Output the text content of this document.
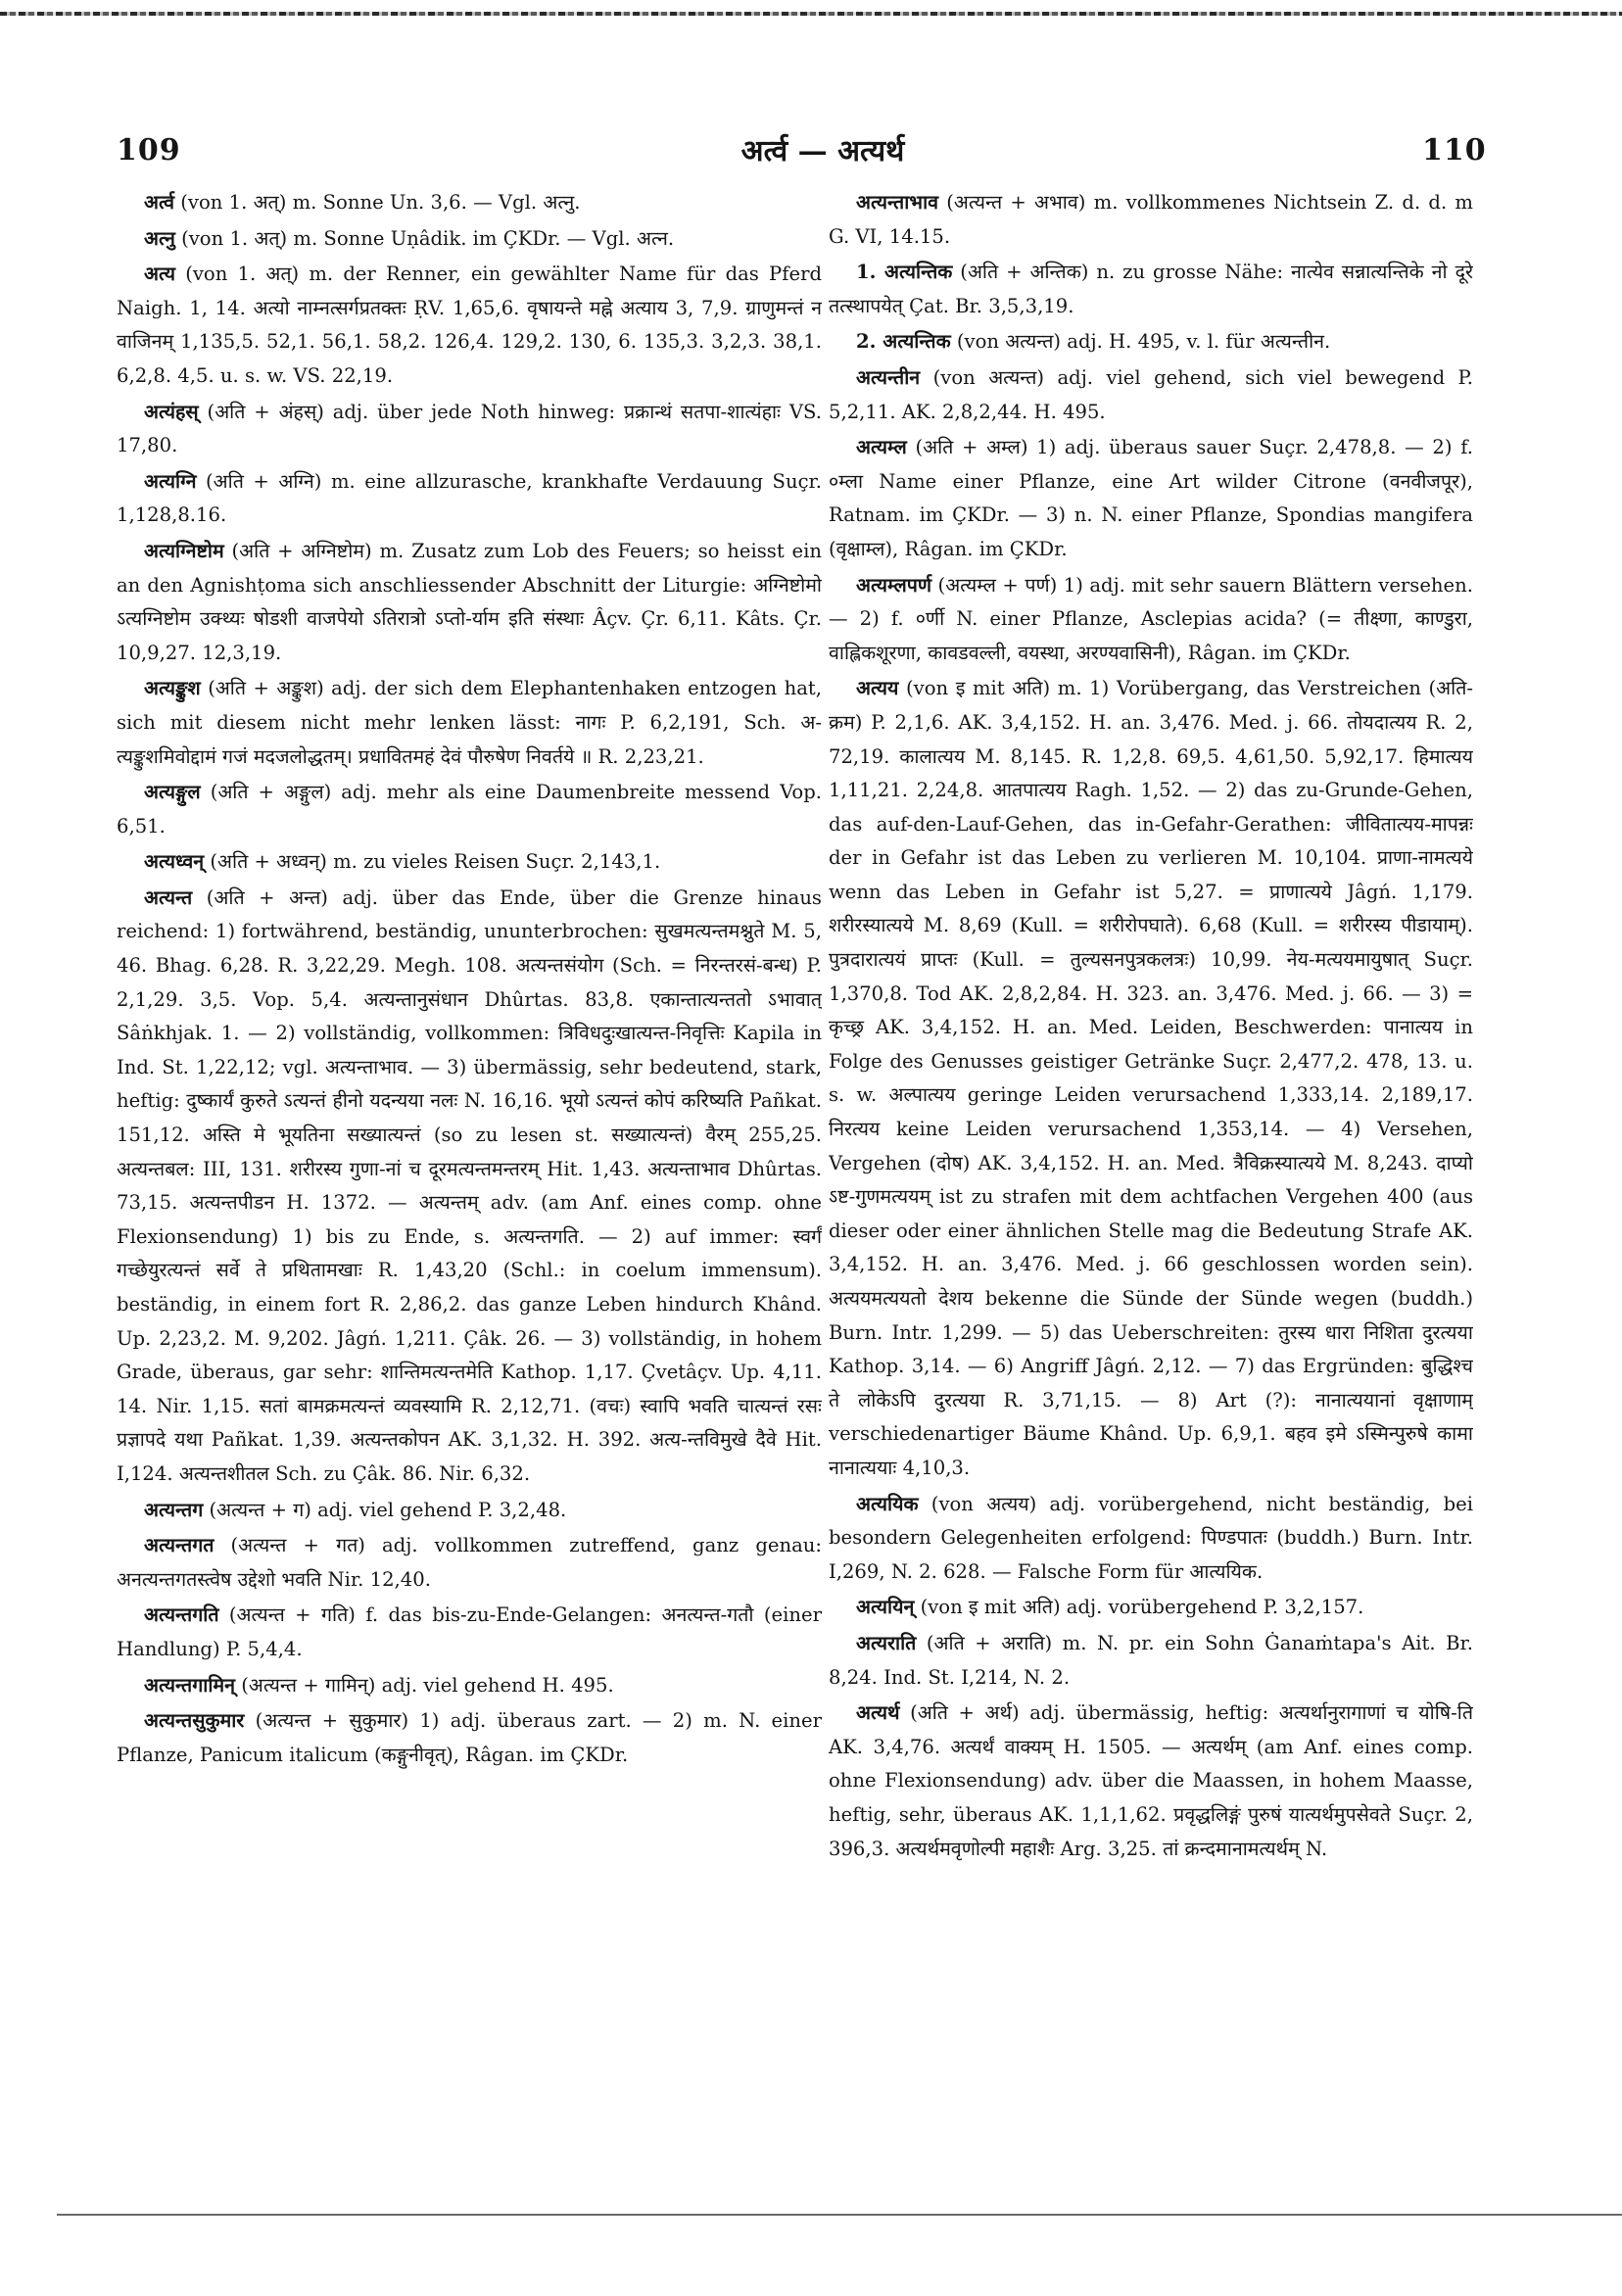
109	अर्त्व — अत्यर्थ	110

अर्त्व (von 1. अत्) m. Sonne Un. 3,6. — Vgl. अत्नु.

अत्नु (von 1. अत्) m. Sonne Uṇâdik. im ÇKDr. — Vgl. अत्न.

अत्य (von 1. अत्) m. der Renner, ein gewählter Name für das Pferd Naigh. 1, 14. अत्यो नाम्नत्सर्गप्रतक्तः ṚV. 1,65,6. वृषायन्ते मह्ने अत्याय 3, 7,9. ग्राणुमन्तं न वाजिनम् 1,135,5. 52,1. 56,1. 58,2. 126,4. 129,2. 130, 6. 135,3. 3,2,3. 38,1. 6,2,8. 4,5. u. s. w. VS. 22,19.

अत्यंहस् (अति + अंहस्) adj. über jede Noth hinweg: प्रक्रान्थं सतपा-शात्यंहाः VS. 17,80.

अत्यग्नि (अति + अग्नि) m. eine allzurasche, krankhafte Verdauung Suçr. 1,128,8.16.

अत्यग्निष्टोम (अति + अग्निष्टोम) m. Zusatz zum Lob des Feuers; so heisst ein an den Agnishṭoma sich anschliessender Abschnitt der Liturgie: अग्निष्टोमो ऽत्यग्निष्टोम उक्थ्यः षोडशी वाजपेयो ऽतिरात्रो ऽप्तो-र्याम इति संस्थाः Âçv. Çr. 6,11. Kâts. Çr. 10,9,27. 12,3,19.

अत्यङ्कुश (अति + अङ्कुश) adj. der sich dem Elephantenhaken entzogen hat, sich mit diesem nicht mehr lenken lässt: नागः P. 6,2,191, Sch. अ-त्यङ्कुशमिवोद्दामं गजं मदजलोद्धतम्। प्रधावितमहं देवं पौरुषेण निवर्तये ॥ R. 2,23,21.

अत्यङ्गुल (अति + अङ्गुल) adj. mehr als eine Daumenbreite messend Vop. 6,51.

अत्यध्वन् (अति + अध्वन्) m. zu vieles Reisen Suçr. 2,143,1.

अत्यन्त (अति + अन्त) adj. über das Ende, über die Grenze hinaus reichend: 1) fortwährend, beständig, ununterbrochen: सुखमत्यन्तमश्नुते M. 5, 46. Bhag. 6,28. R. 3,22,29. Megh. 108. अत्यन्तसंयोग (Sch. = निरन्तरसं-बन्ध) P. 2,1,29. 3,5. Vop. 5,4. अत्यन्तानुसंधान Dhûrtas. 83,8. एकान्तात्यन्ततो ऽभावात् Sâṅkhjak. 1. — 2) vollständig, vollkommen: त्रिविधदुःखात्यन्त-निवृत्तिः Kapila in Ind. St. 1,22,12; vgl. अत्यन्ताभाव. — 3) übermässig, sehr bedeutend, stark, heftig: दुष्कार्यं कुरुते ऽत्यन्तं हीनो यदन्यया नलः N. 16,16. भूयो ऽत्यन्तं कोपं करिष्यति Pañkat. 151,12. अस्ति मे भूयतिना सख्यात्यन्तं (so zu lesen st. सख्यात्यन्तं) वैरम् 255,25. अत्यन्तबल: III, 131. शरीरस्य गुणा-नां च दूरमत्यन्तमन्तरम् Hit. 1,43. अत्यन्ताभाव Dhûrtas. 73,15. अत्यन्तपीडन H. 1372. — अत्यन्तम् adv. (am Anf. eines comp. ohne Flexionsendung) 1) bis zu Ende, s. अत्यन्तगति. — 2) auf immer: स्वर्गं गच्छेयुरत्यन्तं सर्वे ते प्रथितामखाः R. 1,43,20 (Schl.: in coelum immensum). beständig, in einem fort R. 2,86,2. das ganze Leben hindurch Khând. Up. 2,23,2. M. 9,202. Jâgń. 1,211. Çâk. 26. — 3) vollständig, in hohem Grade, überaus, gar sehr: शान्तिमत्यन्तमेति Kathop. 1,17. Çvetâçv. Up. 4,11. 14. Nir. 1,15. सतां बामक्रमत्यन्तं व्यवस्यामि R. 2,12,71. (वचः) स्वापि भवति चात्यन्तं रसः प्रज्ञापदे यथा Pañkat. 1,39. अत्यन्तकोपन AK. 3,1,32. H. 392. अत्य-न्तविमुखे दैवे Hit. I,124. अत्यन्तशीतल Sch. zu Çâk. 86. Nir. 6,32.

अत्यन्तग (अत्यन्त + ग) adj. viel gehend P. 3,2,48.

अत्यन्तगत (अत्यन्त + गत) adj. vollkommen zutreffend, ganz genau: अनत्यन्तगतस्त्वेष उद्देशो भवति Nir. 12,40.

अत्यन्तगति (अत्यन्त + गति) f. das bis-zu-Ende-Gelangen: अनत्यन्त-गतौ (einer Handlung) P. 5,4,4.

अत्यन्तगामिन् (अत्यन्त + गामिन्) adj. viel gehend H. 495.

अत्यन्तसुकुमार (अत्यन्त + सुकुमार) 1) adj. überaus zart. — 2) m. N. einer Pflanze, Panicum italicum (कङ्गुनीवृत्), Râgan. im ÇKDr.

अत्यन्ताभाव (अत्यन्त + अभाव) m. vollkommenes Nichtsein Z. d. d. m G. VI, 14.15.

1. अत्यन्तिक (अति + अन्तिक) n. zu grosse Nähe: नात्येव सन्नात्यन्तिके नो दूरे तत्स्थापयेत् Çat. Br. 3,5,3,19.

2. अत्यन्तिक (von अत्यन्त) adj. H. 495, v. l. für अत्यन्तीन.

अत्यन्तीन (von अत्यन्त) adj. viel gehend, sich viel bewegend P. 5,2,11. AK. 2,8,2,44. H. 495.

अत्यम्ल (अति + अम्ल) 1) adj. überaus sauer Suçr. 2,478,8. — 2) f. ०म्ला Name einer Pflanze, eine Art wilder Citrone (वनवीजपूर), Ratnam. im ÇKDr. — 3) n. N. einer Pflanze, Spondias mangifera (वृक्षाम्ल), Râgan. im ÇKDr.

अत्यम्लपर्ण (अत्यम्ल + पर्ण) 1) adj. mit sehr sauern Blättern versehen. — 2) f. ०र्णी N. einer Pflanze, Asclepias acida? (= तीक्ष्णा, काण्डुरा, वाह्लिकशूरणा, कावडवल्ली, वयस्था, अरण्यवासिनी), Râgan. im ÇKDr.

अत्यय (von इ mit अति) m. 1) Vorübergang, das Verstreichen (अति-क्रम) P. 2,1,6. AK. 3,4,152. H. an. 3,476. Med. j. 66. तोयदात्यय R. 2, 72,19. कालात्यय M. 8,145. R. 1,2,8. 69,5. 4,61,50. 5,92,17. हिमात्यय 1,11,21. 2,24,8. आतपात्यय Ragh. 1,52. — 2) das zu-Grunde-Gehen, das auf-den-Lauf-Gehen, das in-Gefahr-Gerathen: जीवितात्यय-मापन्नः der in Gefahr ist das Leben zu verlieren M. 10,104. प्राणा-नामत्यये wenn das Leben in Gefahr ist 5,27. = प्राणात्यये Jâgń. 1,179. शरीरस्यात्यये M. 8,69 (Kull. = शरीरोपघाते). 6,68 (Kull. = शरीरस्य पीडायाम्). पुत्रदारात्ययं प्राप्तः (Kull. = तुल्यसनपुत्रकलत्रः) 10,99. नेय-मत्ययमायुषात् Suçr. 1,370,8. Tod AK. 2,8,2,84. H. 323. an. 3,476. Med. j. 66. — 3) = कृच्छ्र AK. 3,4,152. H. an. Med. Leiden, Beschwerden: पानात्यय in Folge des Genusses geistiger Getränke Suçr. 2,477,2. 478, 13. u. s. w. अल्पात्यय geringe Leiden verursachend 1,333,14. 2,189,17. निरत्यय keine Leiden verursachend 1,353,14. — 4) Versehen, Vergehen (दोष) AK. 3,4,152. H. an. Med. त्रैविक्रस्यात्यये M. 8,243. दाप्यो ऽष्ट-गुणमत्ययम् ist zu strafen mit dem achtfachen Vergehen 400 (aus dieser oder einer ähnlichen Stelle mag die Bedeutung Strafe AK. 3,4,152. H. an. 3,476. Med. j. 66 geschlossen worden sein). अत्ययमत्ययतो देशय bekenne die Sünde der Sünde wegen (buddh.) Burn. Intr. 1,299. — 5) das Ueberschreiten: तुरस्य धारा निशिता दुरत्यया Kathop. 3,14. — 6) Angriff Jâgń. 2,12. — 7) das Ergründen: बुद्धिश्च ते लोकेऽपि दुरत्यया R. 3,71,15. — 8) Art (?): नानात्ययानां वृक्षाणाम् verschiedenartiger Bäume Khând. Up. 6,9,1. बहव इमे ऽस्मिन्पुरुषे कामा नानात्ययाः 4,10,3.

अत्ययिक (von अत्यय) adj. vorübergehend, nicht beständig, bei besondern Gelegenheiten erfolgend: पिण्डपातः (buddh.) Burn. Intr. I,269, N. 2. 628. — Falsche Form für आत्ययिक.

अत्ययिन् (von इ mit अति) adj. vorübergehend P. 3,2,157.

अत्यराति (अति + अराति) m. N. pr. ein Sohn Ġanaṁtapa's Ait. Br. 8,24. Ind. St. I,214, N. 2.

अत्यर्थ (अति + अर्थ) adj. übermässig, heftig: अत्यर्थानुरागाणां च योषि-ति AK. 3,4,76. अत्यर्थं वाक्यम् H. 1505. — अत्यर्थम् (am Anf. eines comp. ohne Flexionsendung) adv. über die Maassen, in hohem Maasse, heftig, sehr, überaus AK. 1,1,1,62. प्रवृद्धलिङ्गं पुरुषं यात्यर्थमुपसेवते Suçr. 2, 396,3. अत्यर्थमवृणोल्पी महाशैः Arg. 3,25. तां क्रन्दमानामत्यर्थम् N.
